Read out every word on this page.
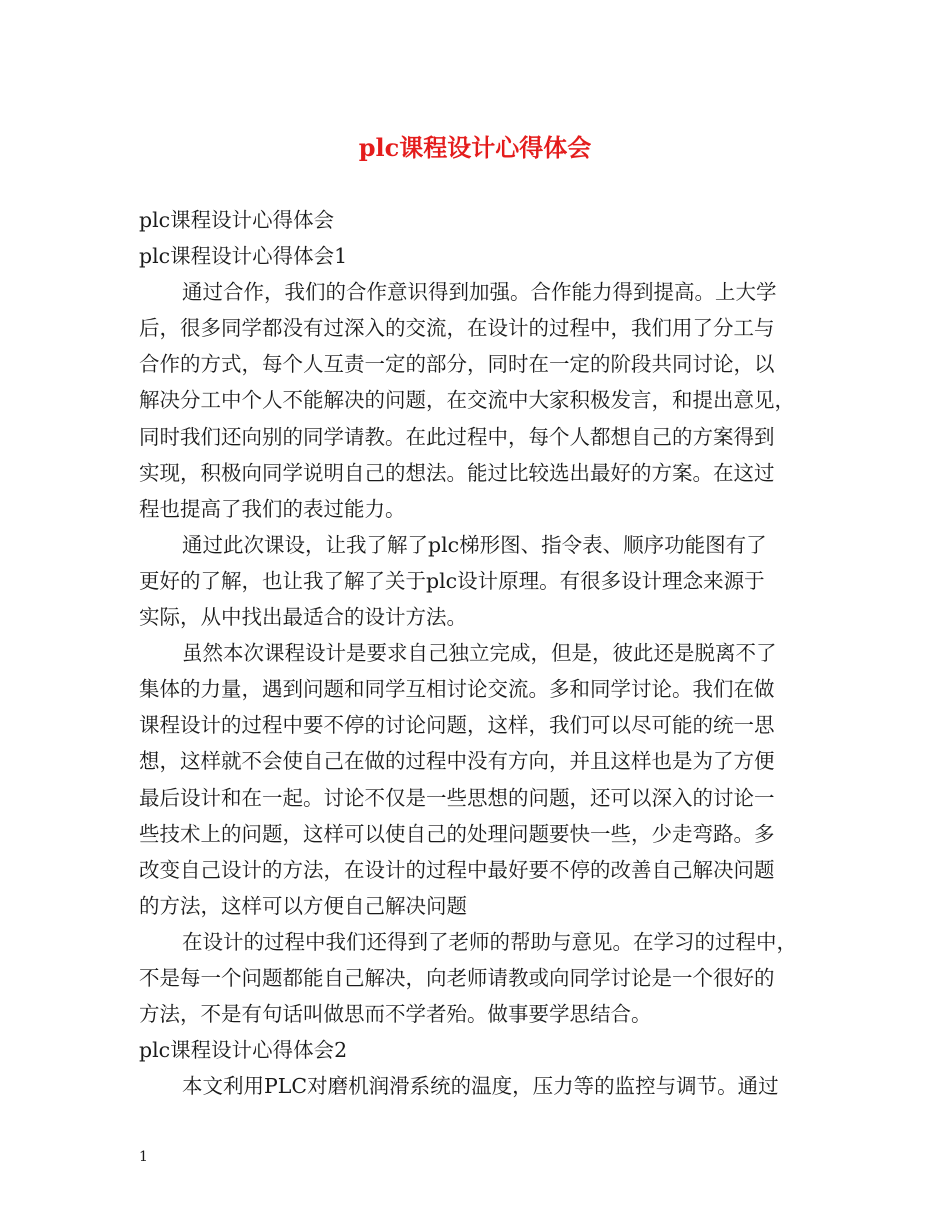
plc课程设计心得体会
plc课程设计心得体会
plc课程设计心得体会1
通过合作，我们的合作意识得到加强。合作能力得到提高。上大学
后，很多同学都没有过深入的交流，在设计的过程中，我们用了分工与
合作的方式，每个人互责一定的部分，同时在一定的阶段共同讨论，以
解决分工中个人不能解决的问题，在交流中大家积极发言，和提出意见，
同时我们还向别的同学请教。在此过程中，每个人都想自己的方案得到
实现，积极向同学说明自己的想法。能过比较选出最好的方案。在这过
程也提高了我们的表过能力。
通过此次课设，让我了解了plc梯形图、指令表、顺序功能图有了
更好的了解，也让我了解了关于plc设计原理。有很多设计理念来源于
实际，从中找出最适合的设计方法。
虽然本次课程设计是要求自己独立完成，但是，彼此还是脱离不了
集体的力量，遇到问题和同学互相讨论交流。多和同学讨论。我们在做
课程设计的过程中要不停的讨论问题，这样，我们可以尽可能的统一思
想，这样就不会使自己在做的过程中没有方向，并且这样也是为了方便
最后设计和在一起。讨论不仅是一些思想的问题，还可以深入的讨论一
些技术上的问题，这样可以使自己的处理问题要快一些，少走弯路。多
改变自己设计的方法，在设计的过程中最好要不停的改善自己解决问题
的方法，这样可以方便自己解决问题
在设计的过程中我们还得到了老师的帮助与意见。在学习的过程中，
不是每一个问题都能自己解决，向老师请教或向同学讨论是一个很好的
方法，不是有句话叫做思而不学者殆。做事要学思结合。
plc课程设计心得体会2
本文利用PLC对磨机润滑系统的温度，压力等的监控与调节。通过
1
